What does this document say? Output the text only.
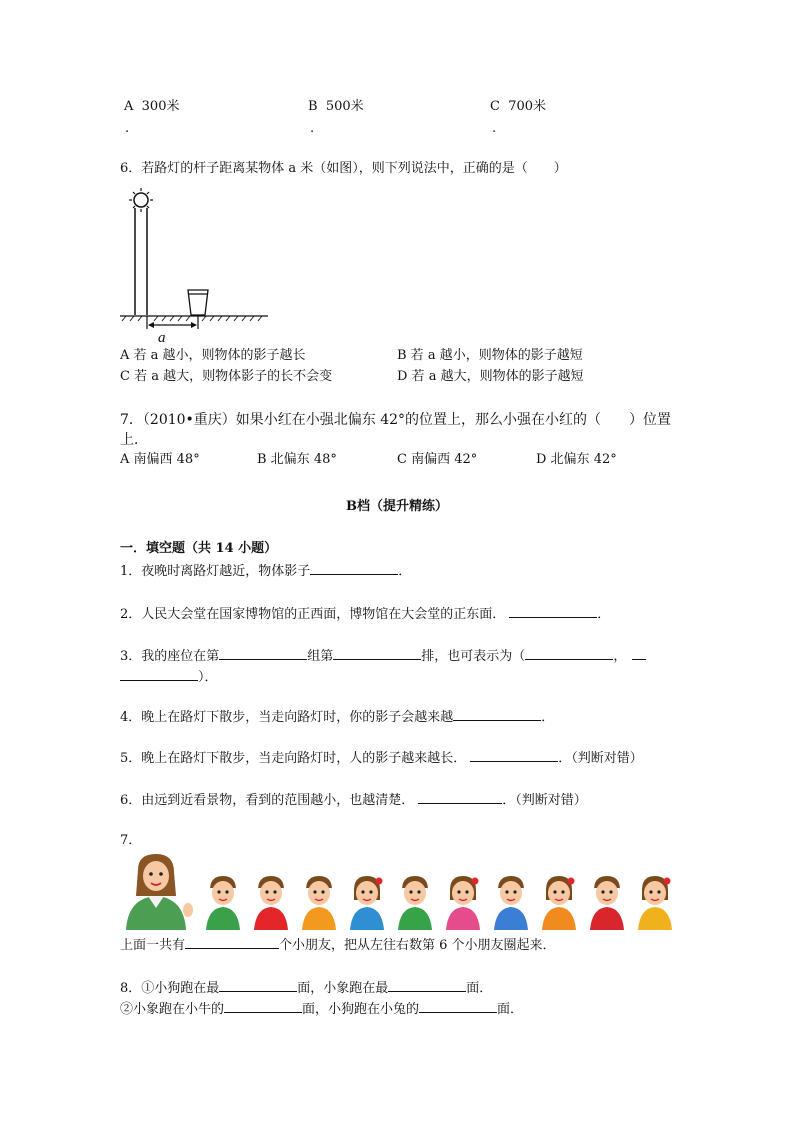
A 300米
.
B 500米
.
C 700米
.
6．若路灯的杆子距离某物体 a 米（如图），则下列说法中，正确的是（　　）
a
A 若 a 越小，则物体的影子越长	B 若 a 越小，则物体的影子越短
C 若 a 越大，则物体影子的长不会变	D 若 a 越大，则物体的影子越短
7．（2010•重庆）如果小红在小强北偏东 42°的位置上，那么小强在小红的（　　）位置
上．
A 南偏西 48°	B 北偏东 48°	C 南偏西 42°	D 北偏东 42°
B档（提升精练）
一．填空题（共 14 小题）
1．夜晚时离路灯越近，物体影子	．
2．人民大会堂在国家博物馆的正西面，博物馆在大会堂的正东面．	．
3．我的座位在第	组第	排，也可表示为（	，
）．
4．晚上在路灯下散步，当走向路灯时，你的影子会越来越	．
5．晚上在路灯下散步，当走向路灯时，人的影子越来越长．	．（判断对错）
6．由远到近看景物，看到的范围越小，也越清楚．	．（判断对错）
7．
上面一共有	个小朋友，把从左往右数第 6 个小朋友圈起来．
8．①小狗跑在最	面，小象跑在最	面．
②小象跑在小牛的	面，小狗跑在小兔的	面．
